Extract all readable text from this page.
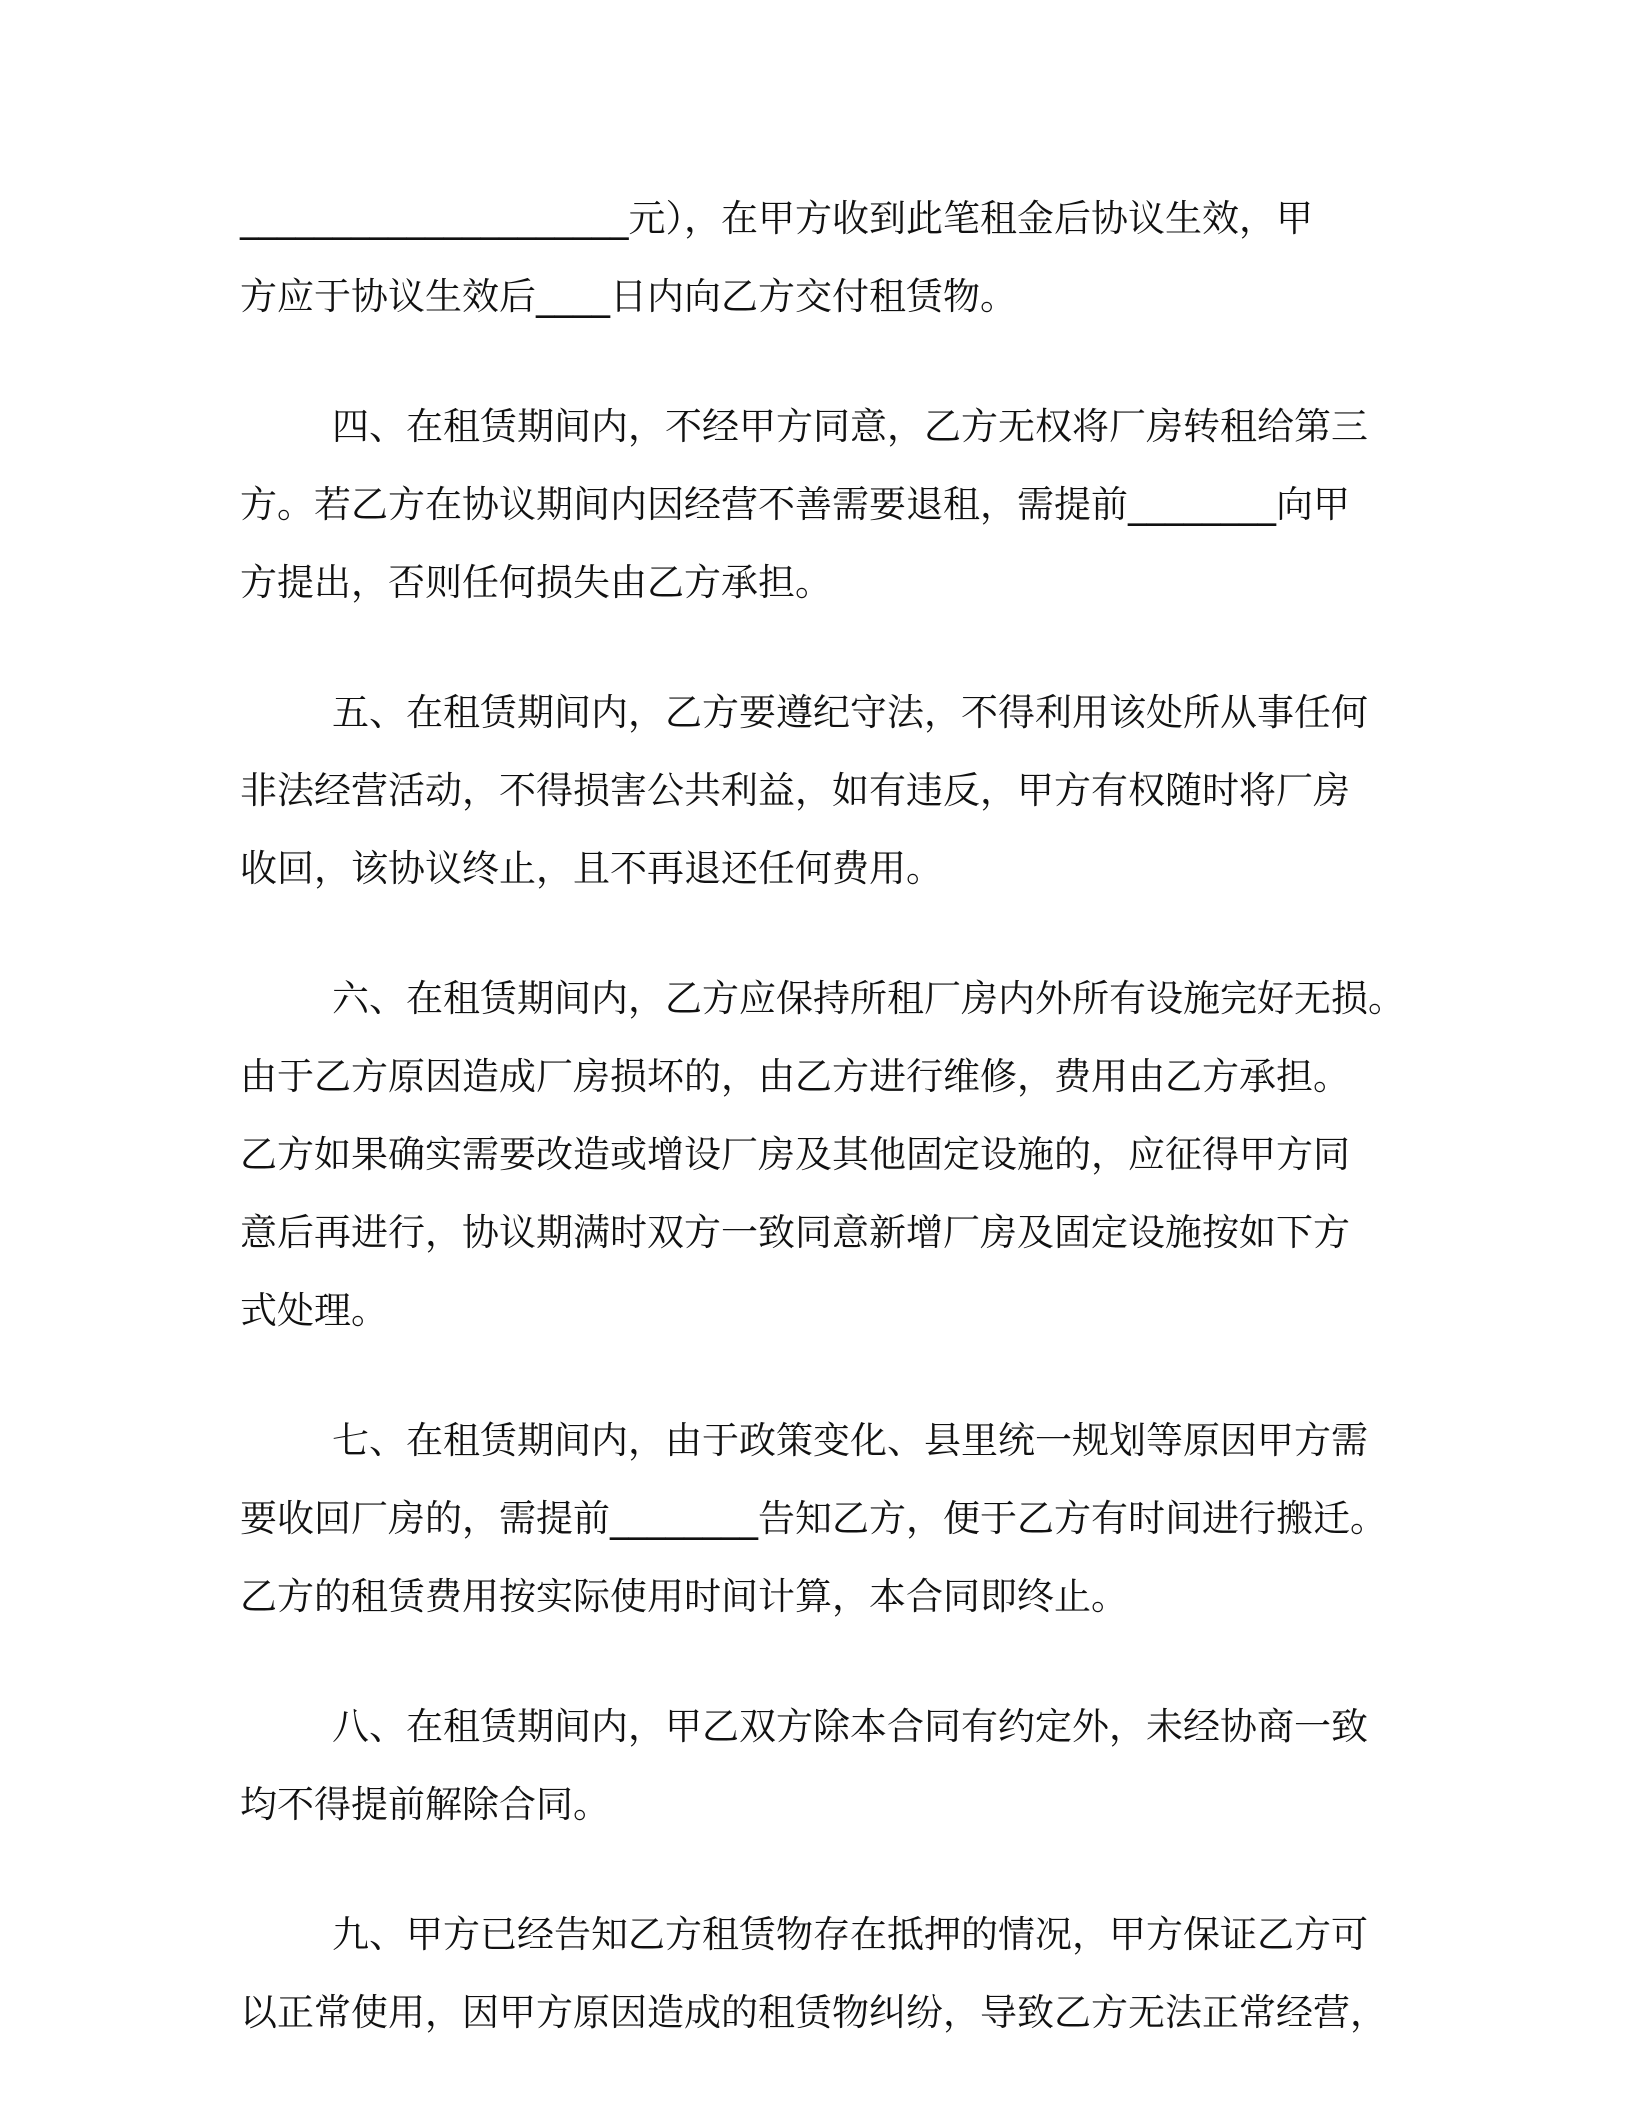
_____________________元），在甲方收到此笔租金后协议生效，甲
方应于协议生效后____日内向乙方交付租赁物。
四、在租赁期间内，不经甲方同意，乙方无权将厂房转租给第三
方。若乙方在协议期间内因经营不善需要退租，需提前________向甲
方提出，否则任何损失由乙方承担。
五、在租赁期间内，乙方要遵纪守法，不得利用该处所从事任何
非法经营活动，不得损害公共利益，如有违反，甲方有权随时将厂房
收回，该协议终止，且不再退还任何费用。
六、在租赁期间内，乙方应保持所租厂房内外所有设施完好无损。
由于乙方原因造成厂房损坏的，由乙方进行维修，费用由乙方承担。
乙方如果确实需要改造或增设厂房及其他固定设施的，应征得甲方同
意后再进行，协议期满时双方一致同意新增厂房及固定设施按如下方
式处理。
七、在租赁期间内，由于政策变化、县里统一规划等原因甲方需
要收回厂房的，需提前________告知乙方，便于乙方有时间进行搬迁。
乙方的租赁费用按实际使用时间计算，本合同即终止。
八、在租赁期间内，甲乙双方除本合同有约定外，未经协商一致
均不得提前解除合同。
九、甲方已经告知乙方租赁物存在抵押的情况，甲方保证乙方可
以正常使用，因甲方原因造成的租赁物纠纷，导致乙方无法正常经营，
